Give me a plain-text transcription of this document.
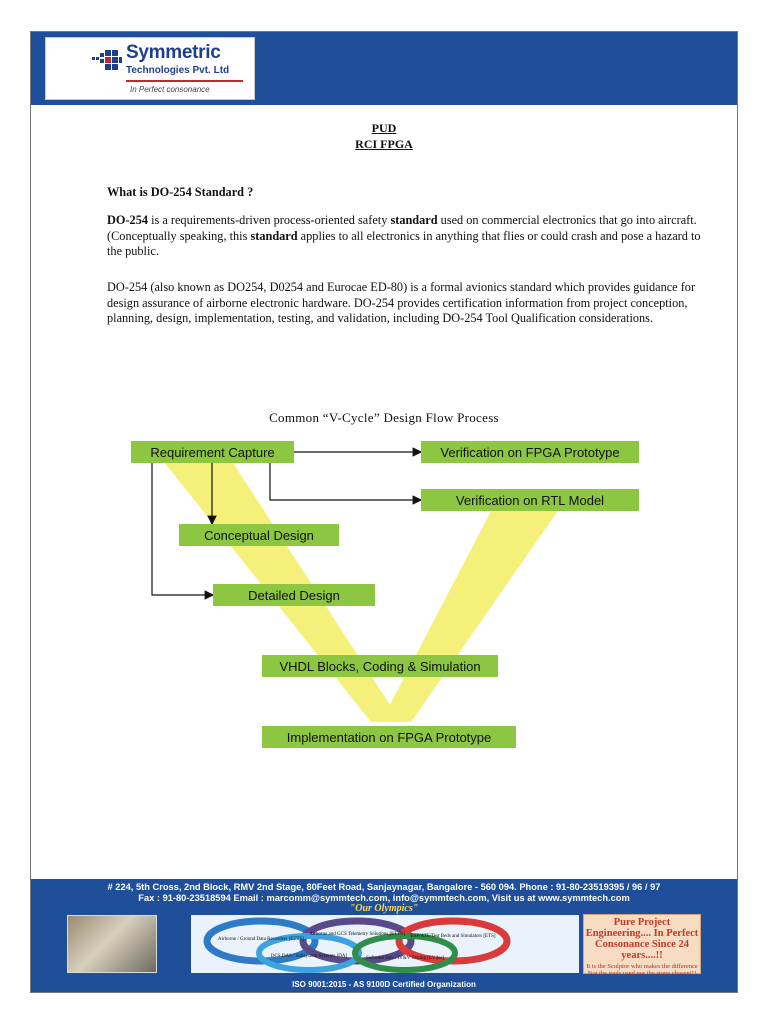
Symmetric
Technologies Pvt. Ltd
In Perfect consonance
PUD
RCI FPGA
What is DO-254 Standard ?
DO-254 is a requirements-driven process-oriented safety standard used on commercial electronics that go into aircraft. (Conceptually speaking, this standard applies to all electronics in anything that flies or could crash and pose a hazard to the public.
DO-254 (also known as DO254, D0254 and Eurocae ED-80) is a formal avionics standard which provides guidance for design assurance of airborne electronic hardware. DO-254 provides certification information from project conception, planning, design, implementation, testing, and validation, including DO-254 Tool Qualification considerations.
Common “V-Cycle” Design Flow Process
Requirement Capture	Verification on FPGA Prototype
Verification on RTL Model
Conceptual Design
Detailed Design
VHDL Blocks, Coding & Simulation
Implementation on FPGA Prototype
# 224, 5th Cross, 2nd Block, RMV 2nd Stage, 80Feet Road, Sanjaynagar, Bangalore - 560 094. Phone : 91-80-23519395 / 96 / 97
Fax : 91-80-23518594 Email : marcomm@symmtech.com, info@symmtech.com, Visit us at www.symmtech.com
"Our Olympics"
Airborne / Ground Data Recorders [ETTS]
Airborne and GCS Telemetry Solutions [ETTS] BSP/ATE/Test Beds and Simulators [ETS]
DCS DAS / Subsystem Systems [DA]	Software Dev / IV&V Testing [EVdes]
Pure Project Engineering.... In Perfect Consonance Since 24 years....!!
It is the Sculptor who makes the difference Not the tools used nor the stone chosen!!!
ISO 9001:2015 - AS 9100D Certified Organization
